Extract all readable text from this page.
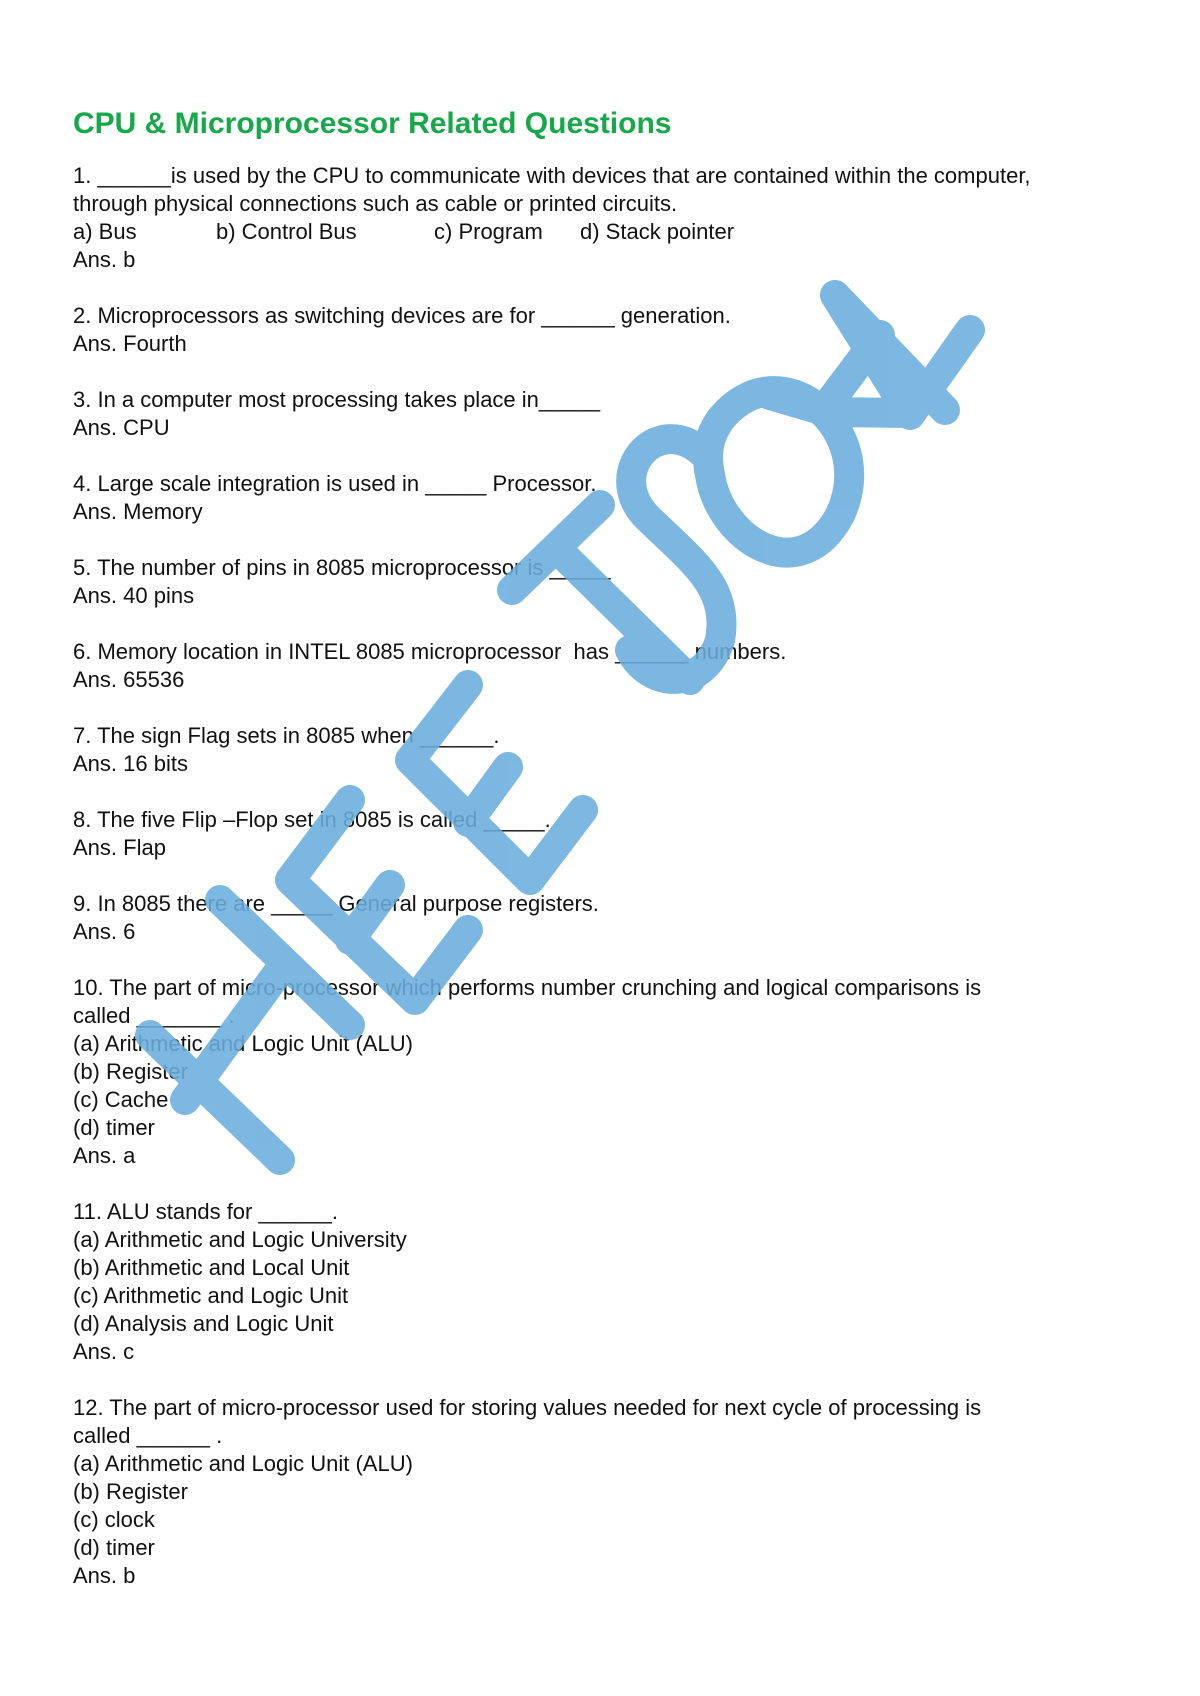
CPU & Microprocessor Related Questions
1. ______is used by the CPU to communicate with devices that are contained within the computer,
through physical connections such as cable or printed circuits.
a) Bus	b) Control Bus	c) Program	d) Stack pointer
Ans. b
2. Microprocessors as switching devices are for ______ generation.
Ans. Fourth
3. In a computer most processing takes place in_____
Ans. CPU
4. Large scale integration is used in _____ Processor.
Ans. Memory
5. The number of pins in 8085 microprocessor is _____
Ans. 40 pins
6. Memory location in INTEL 8085 microprocessor  has ______ numbers.
Ans. 65536
7. The sign Flag sets in 8085 when ______.
Ans. 16 bits
8. The five Flip –Flop set in 8085 is called _____.
Ans. Flap
9. In 8085 there are _____ General purpose registers.
Ans. 6
10. The part of micro-processor which performs number crunching and logical comparisons is
called _______ .
(a) Arithmetic and Logic Unit (ALU)
(b) Register
(c) Cache
(d) timer
Ans. a
11. ALU stands for ______.
(a) Arithmetic and Logic University
(b) Arithmetic and Local Unit
(c) Arithmetic and Logic Unit
(d) Analysis and Logic Unit
Ans. c
12. The part of micro-processor used for storing values needed for next cycle of processing is
called ______ .
(a) Arithmetic and Logic Unit (ALU)
(b) Register
(c) clock
(d) timer
Ans. b
